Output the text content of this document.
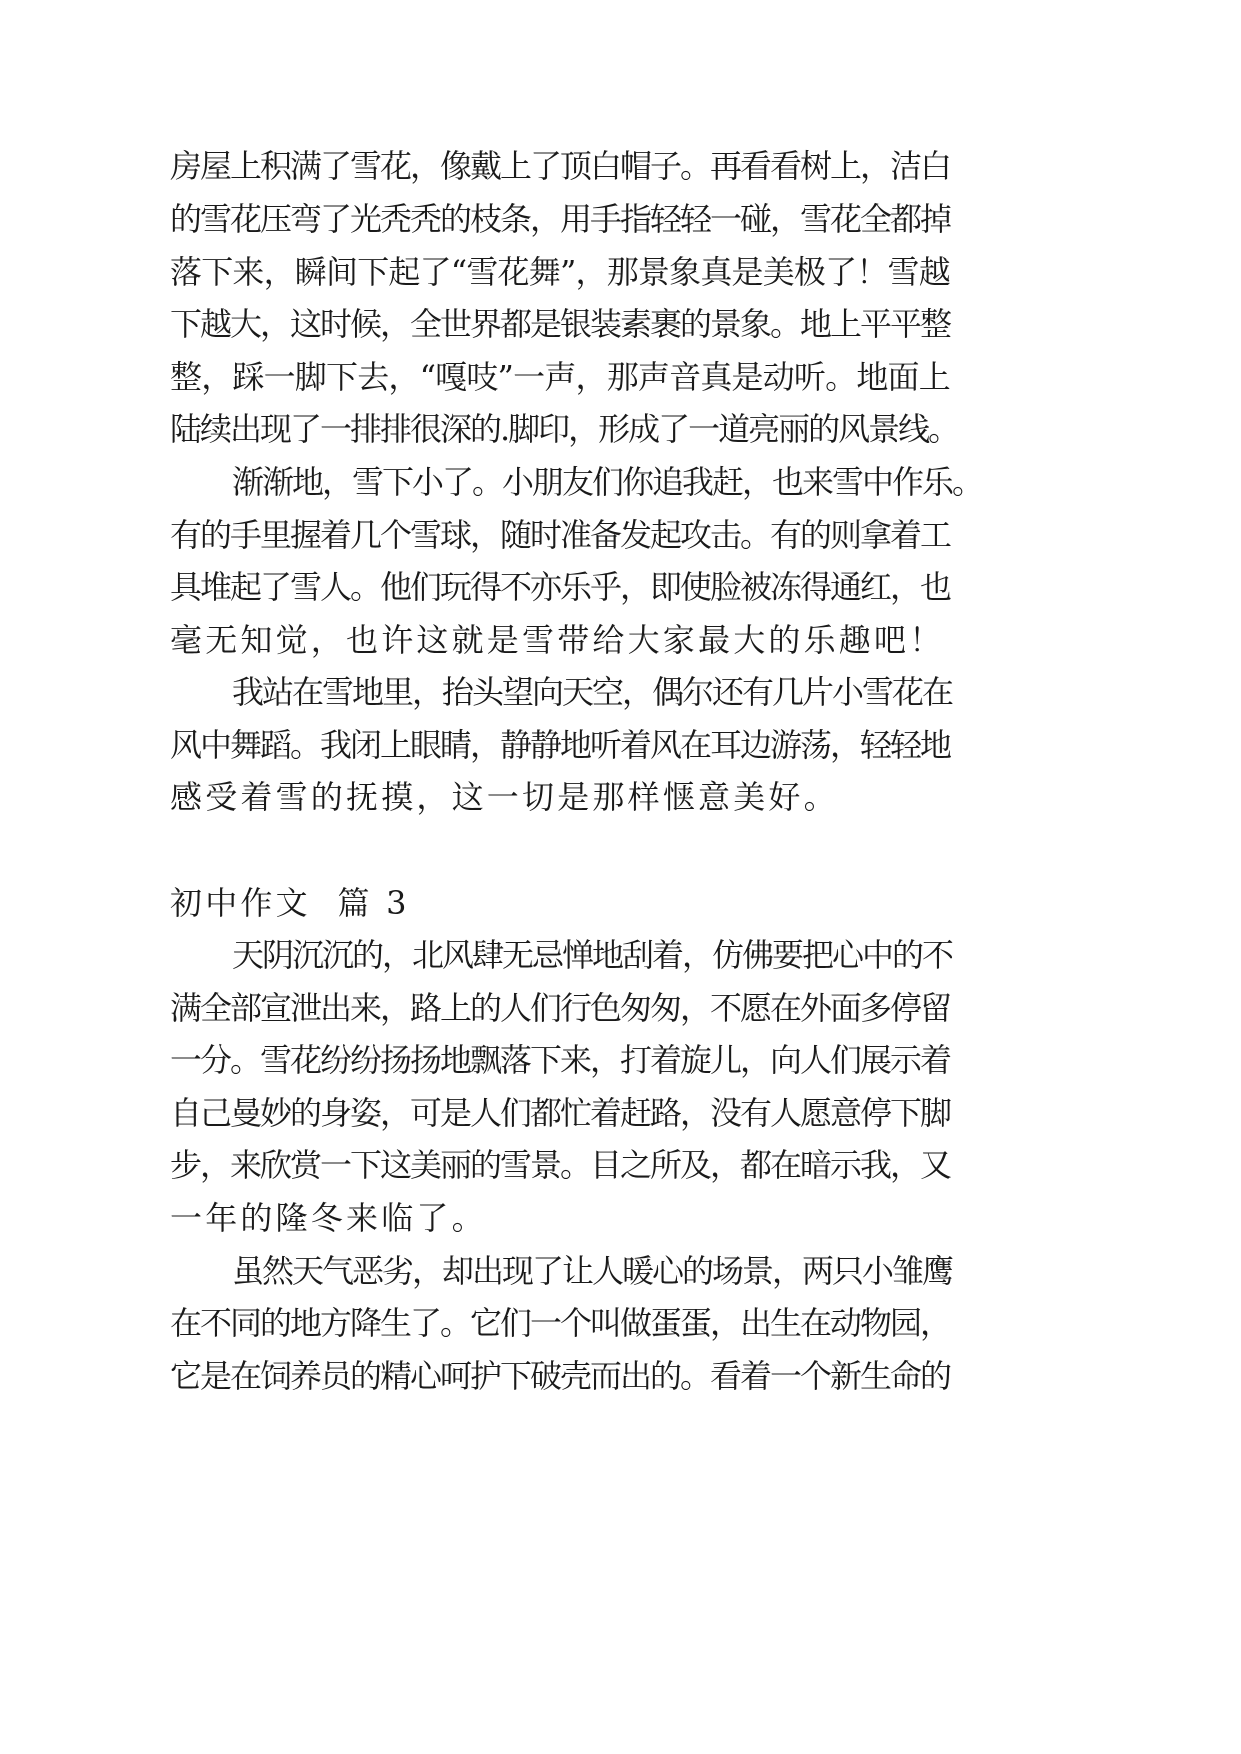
房屋上积满了雪花，像戴上了顶白帽子。再看看树上，洁白
的雪花压弯了光秃秃的枝条，用手指轻轻一碰，雪花全都掉
落下来，瞬间下起了“雪花舞”，那景象真是美极了！雪越
下越大，这时候，全世界都是银装素裹的景象。地上平平整
整，踩一脚下去，“嘎吱”一声，那声音真是动听。地面上
陆续出现了一排排很深的.脚印，形成了一道亮丽的风景线。
渐渐地，雪下小了。小朋友们你追我赶，也来雪中作乐。
有的手里握着几个雪球，随时准备发起攻击。有的则拿着工
具堆起了雪人。他们玩得不亦乐乎，即使脸被冻得通红，也
毫无知觉，也许这就是雪带给大家最大的乐趣吧！
我站在雪地里，抬头望向天空，偶尔还有几片小雪花在
风中舞蹈。我闭上眼睛，静静地听着风在耳边游荡，轻轻地
感受着雪的抚摸，这一切是那样惬意美好。
初中作文  篇 3
天阴沉沉的，北风肆无忌惮地刮着，仿佛要把心中的不
满全部宣泄出来，路上的人们行色匆匆，不愿在外面多停留
一分。雪花纷纷扬扬地飘落下来，打着旋儿，向人们展示着
自己曼妙的身姿，可是人们都忙着赶路，没有人愿意停下脚
步，来欣赏一下这美丽的雪景。目之所及，都在暗示我，又
一年的隆冬来临了。
虽然天气恶劣，却出现了让人暖心的场景，两只小雏鹰
在不同的地方降生了。它们一个叫做蛋蛋，出生在动物园，
它是在饲养员的精心呵护下破壳而出的。看着一个新生命的
